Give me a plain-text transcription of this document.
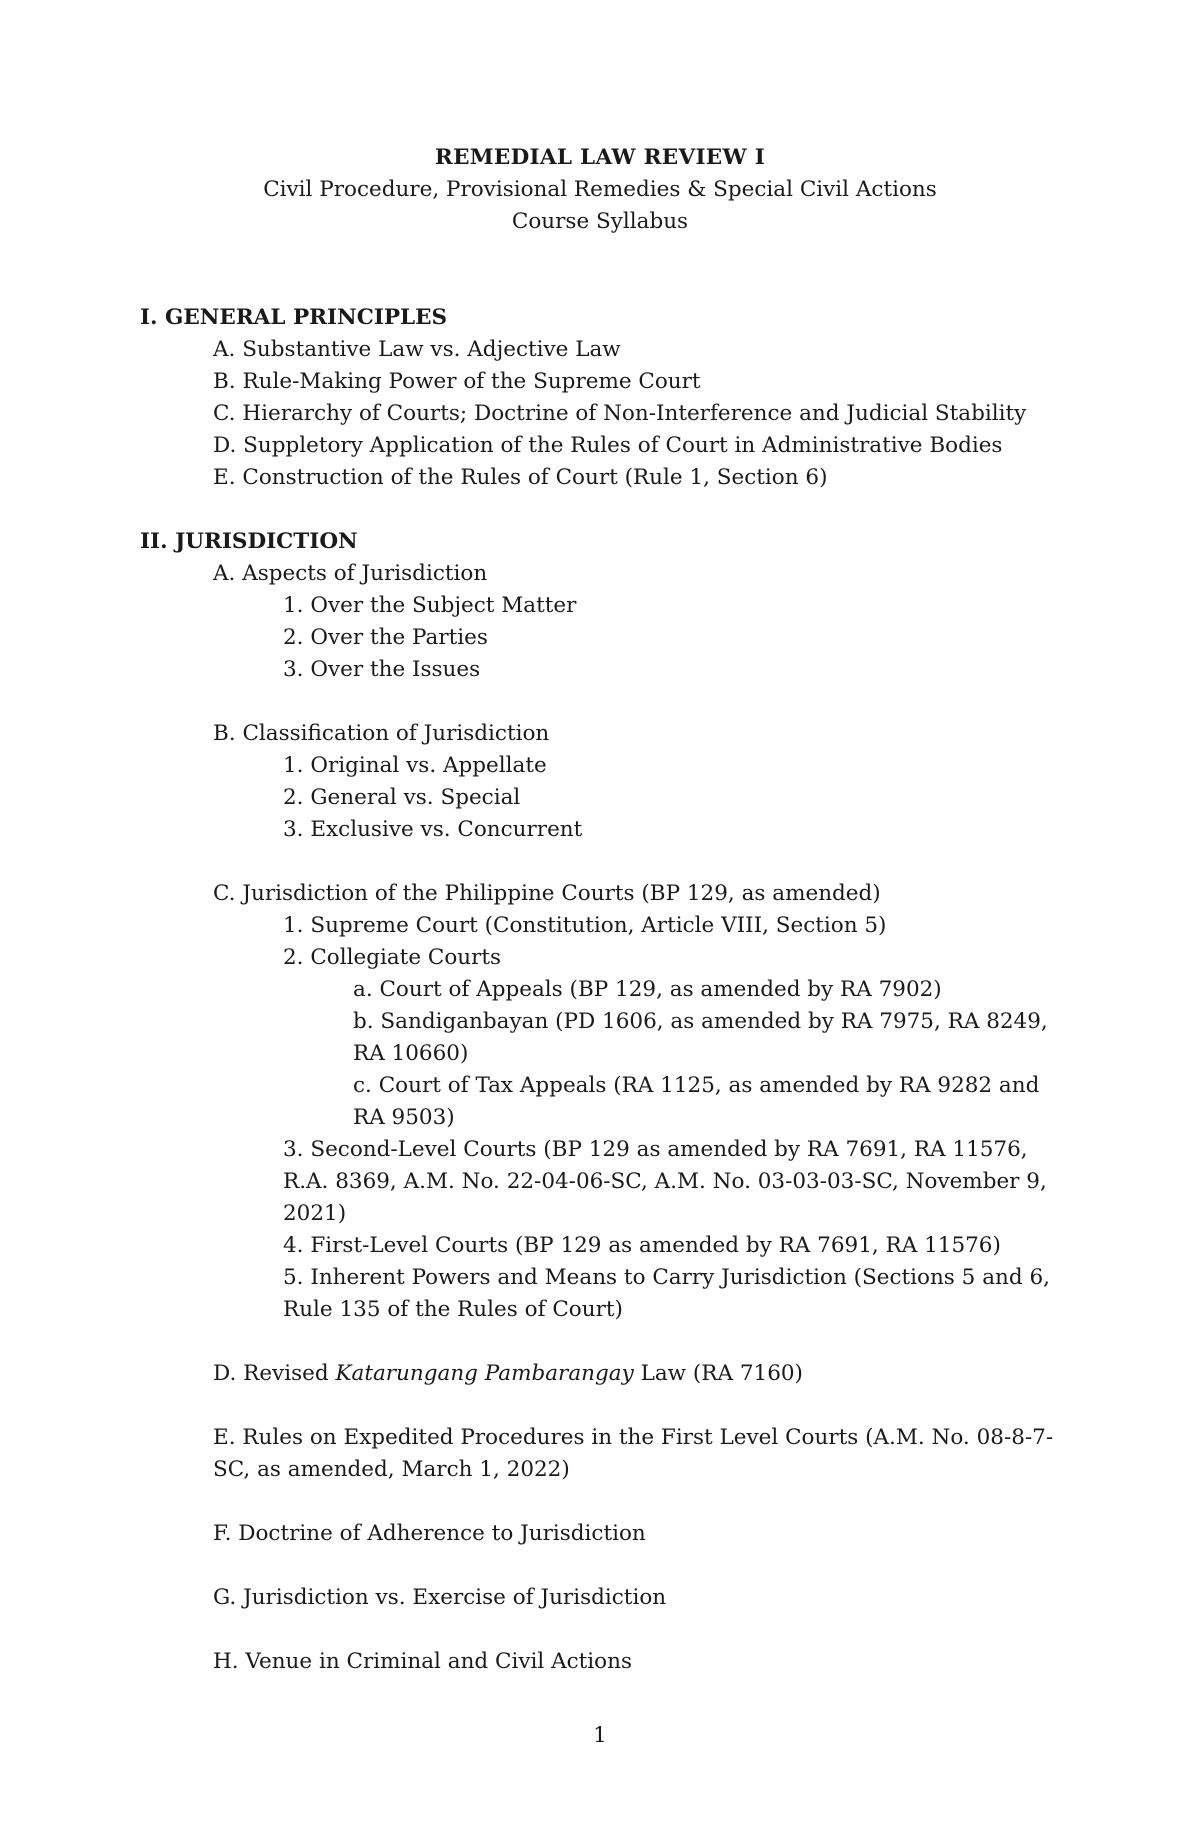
REMEDIAL LAW REVIEW I
Civil Procedure, Provisional Remedies & Special Civil Actions
Course Syllabus

I. GENERAL PRINCIPLES

A. Substantive Law vs. Adjective Law

B. Rule-Making Power of the Supreme Court

C. Hierarchy of Courts; Doctrine of Non-Interference and Judicial Stability

D. Suppletory Application of the Rules of Court in Administrative Bodies

E. Construction of the Rules of Court (Rule 1, Section 6)

II. JURISDICTION

A. Aspects of Jurisdiction

1. Over the Subject Matter

2. Over the Parties

3. Over the Issues

B. Classification of Jurisdiction

1. Original vs. Appellate

2. General vs. Special

3. Exclusive vs. Concurrent

C. Jurisdiction of the Philippine Courts (BP 129, as amended)

1. Supreme Court (Constitution, Article VIII, Section 5)

2. Collegiate Courts

a. Court of Appeals (BP 129, as amended by RA 7902)

b. Sandiganbayan (PD 1606, as amended by RA 7975, RA 8249, RA 10660)

c. Court of Tax Appeals (RA 1125, as amended by RA 9282 and RA 9503)

3. Second-Level Courts (BP 129 as amended by RA 7691, RA 11576, R.A. 8369, A.M. No. 22-04-06-SC, A.M. No. 03-03-03-SC, November 9, 2021)

4. First-Level Courts (BP 129 as amended by RA 7691, RA 11576)

5. Inherent Powers and Means to Carry Jurisdiction (Sections 5 and 6, Rule 135 of the Rules of Court)

D. Revised Katarungang Pambarangay Law (RA 7160)

E. Rules on Expedited Procedures in the First Level Courts (A.M. No. 08-8-7-SC, as amended, March 1, 2022)

F. Doctrine of Adherence to Jurisdiction

G. Jurisdiction vs. Exercise of Jurisdiction

H. Venue in Criminal and Civil Actions

1
